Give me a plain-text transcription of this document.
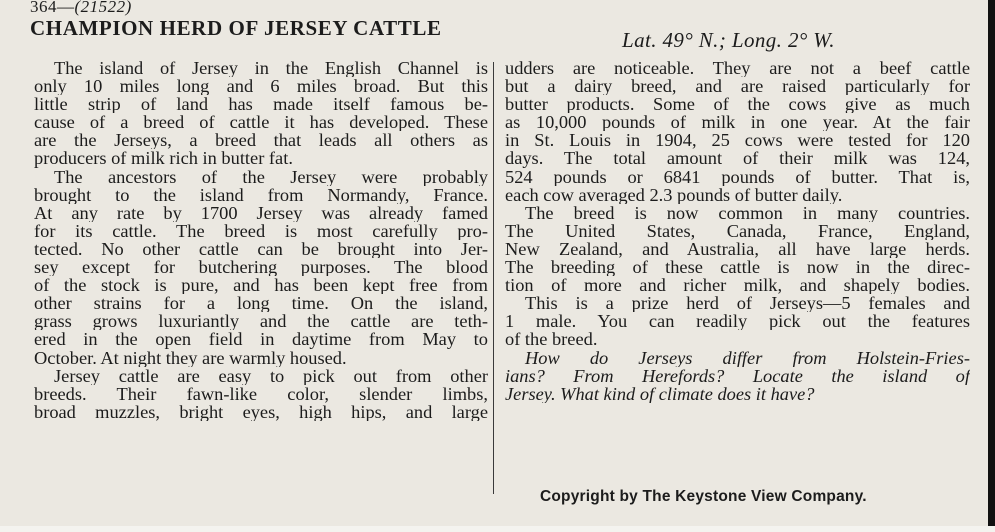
364—(21522)
CHAMPION HERD OF JERSEY CATTLE	Lat. 49° N.; Long. 2° W.
The island of Jersey in the English Channel is
only 10 miles long and 6 miles broad. But this
little strip of land has made itself famous be-
cause of a breed of cattle it has developed. These
are the Jerseys, a breed that leads all others as
producers of milk rich in butter fat.
The ancestors of the Jersey were probably
brought to the island from Normandy, France.
At any rate by 1700 Jersey was already famed
for its cattle. The breed is most carefully pro-
tected. No other cattle can be brought into Jer-
sey except for butchering purposes. The blood
of the stock is pure, and has been kept free from
other strains for a long time. On the island,
grass grows luxuriantly and the cattle are teth-
ered in the open field in daytime from May to
October. At night they are warmly housed.
Jersey cattle are easy to pick out from other
breeds. Their fawn-like color, slender limbs,
broad muzzles, bright eyes, high hips, and large
udders are noticeable. They are not a beef cattle
but a dairy breed, and are raised particularly for
butter products. Some of the cows give as much
as 10,000 pounds of milk in one year. At the fair
in St. Louis in 1904, 25 cows were tested for 120
days. The total amount of their milk was 124,
524 pounds or 6841 pounds of butter. That is,
each cow averaged 2.3 pounds of butter daily.
The breed is now common in many countries.
The United States, Canada, France, England,
New Zealand, and Australia, all have large herds.
The breeding of these cattle is now in the direc-
tion of more and richer milk, and shapely bodies.
This is a prize herd of Jerseys—5 females and
1 male. You can readily pick out the features
of the breed.
How do Jerseys differ from Holstein-Fries-
ians? From Herefords? Locate the island of
Jersey. What kind of climate does it have?
Copyright by The Keystone View Company.
